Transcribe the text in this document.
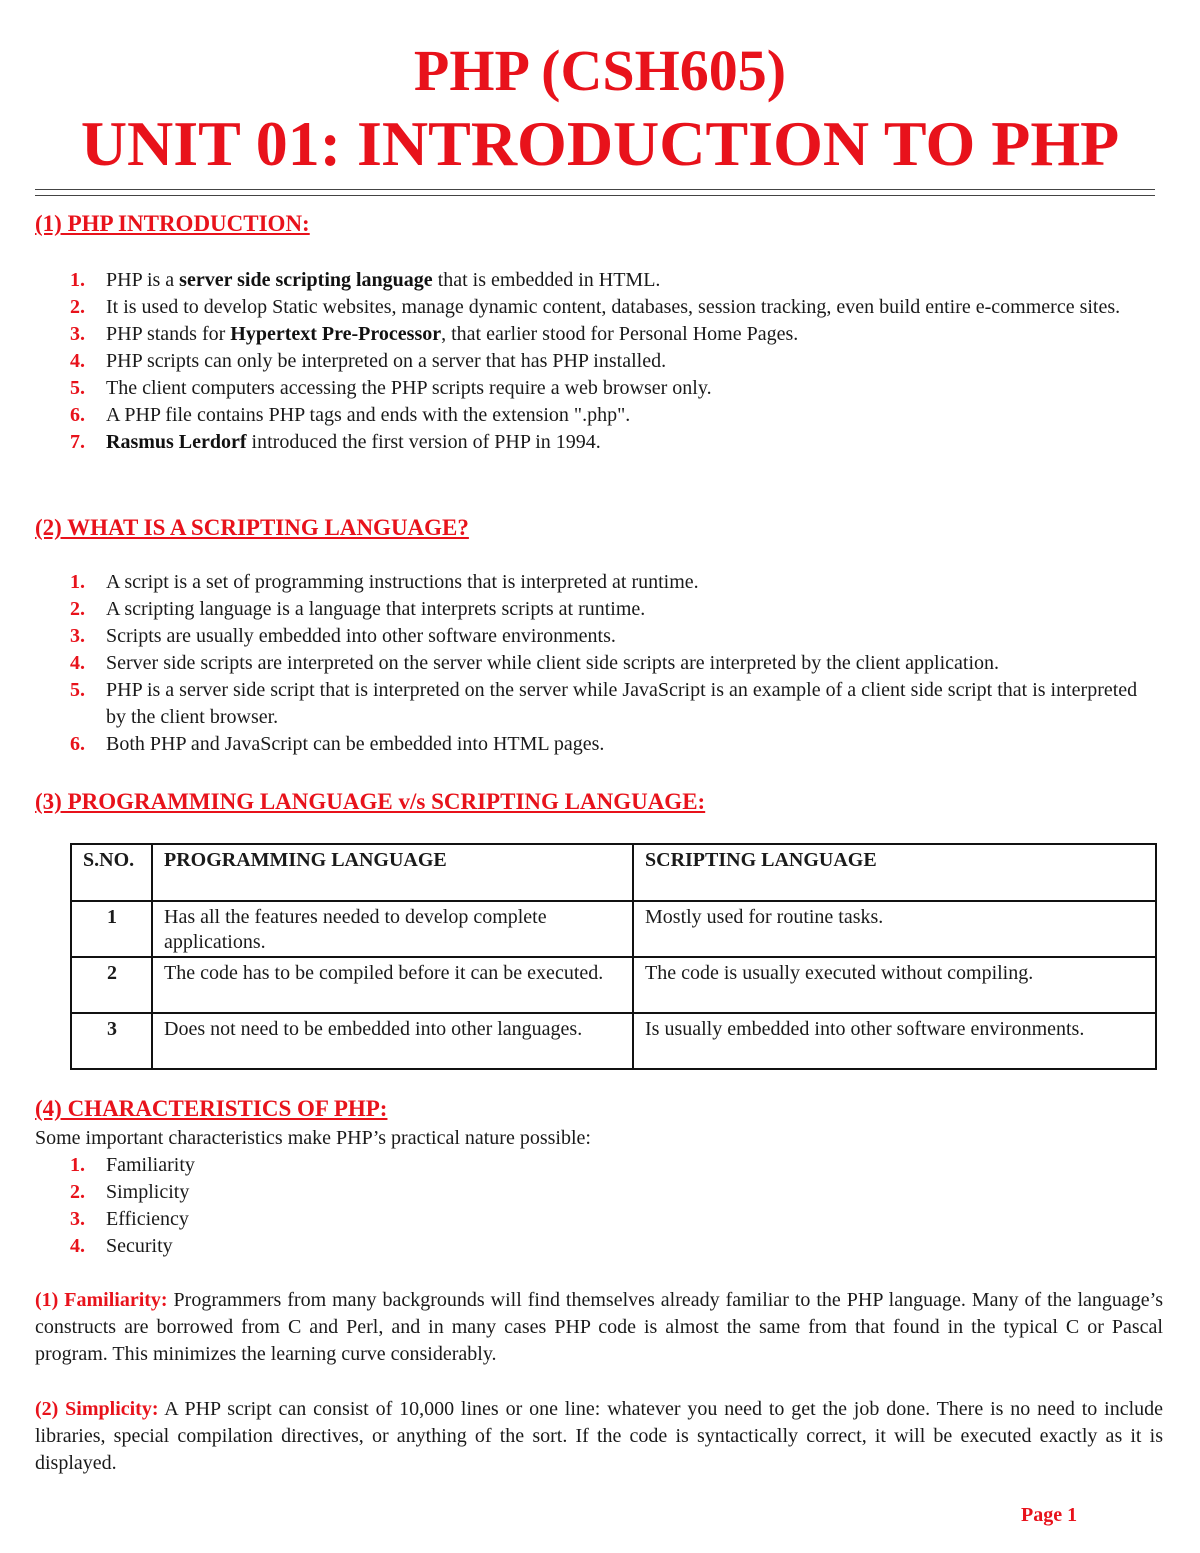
PHP (CSH605)
UNIT 01: INTRODUCTION TO PHP
(1) PHP INTRODUCTION:
1. PHP is a server side scripting language that is embedded in HTML.
2. It is used to develop Static websites, manage dynamic content, databases, session tracking, even build entire e-commerce sites.
3. PHP stands for Hypertext Pre-Processor, that earlier stood for Personal Home Pages.
4. PHP scripts can only be interpreted on a server that has PHP installed.
5. The client computers accessing the PHP scripts require a web browser only.
6. A PHP file contains PHP tags and ends with the extension ".php".
7. Rasmus Lerdorf introduced the first version of PHP in 1994.
(2) WHAT IS A SCRIPTING LANGUAGE?
1. A script is a set of programming instructions that is interpreted at runtime.
2. A scripting language is a language that interprets scripts at runtime.
3. Scripts are usually embedded into other software environments.
4. Server side scripts are interpreted on the server while client side scripts are interpreted by the client application.
5. PHP is a server side script that is interpreted on the server while JavaScript is an example of a client side script that is interpreted by the client browser.
6. Both PHP and JavaScript can be embedded into HTML pages.
(3) PROGRAMMING LANGUAGE v/s SCRIPTING LANGUAGE:
S.NO.	PROGRAMMING LANGUAGE	SCRIPTING LANGUAGE
1	Has all the features needed to develop complete applications.	Mostly used for routine tasks.
2	The code has to be compiled before it can be executed.	The code is usually executed without compiling.
3	Does not need to be embedded into other languages.	Is usually embedded into other software environments.
(4) CHARACTERISTICS OF PHP:

Some important characteristics make PHP’s practical nature possible:

1. Familiarity
2. Simplicity
3. Efficiency
4. Security

(1) Familiarity: Programmers from many backgrounds will find themselves already familiar to the PHP language. Many of the language’s constructs are borrowed from C and Perl, and in many cases PHP code is almost the same from that found in the typical C or Pascal program. This minimizes the learning curve considerably.

(2) Simplicity: A PHP script can consist of 10,000 lines or one line: whatever you need to get the job done. There is no need to include libraries, special compilation directives, or anything of the sort. If the code is syntactically correct, it will be executed exactly as it is displayed.

Page 1
